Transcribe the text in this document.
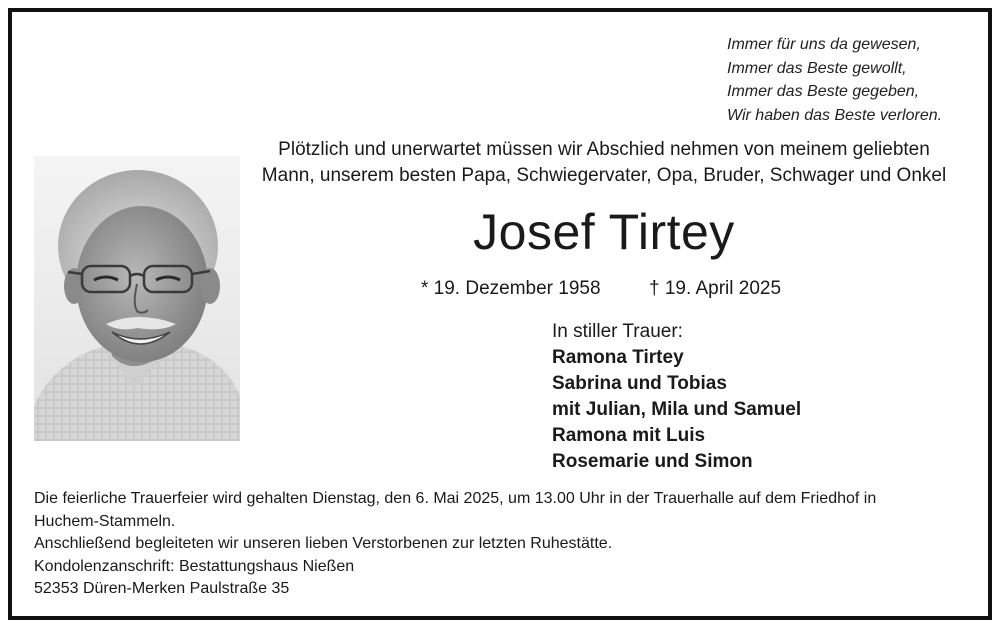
Immer für uns da gewesen,
Immer das Beste gewollt,
Immer das Beste gegeben,
Wir haben das Beste verloren.
Plötzlich und unerwartet müssen wir Abschied nehmen von meinem geliebten
Mann, unserem besten Papa, Schwiegervater, Opa, Bruder, Schwager und Onkel
Josef Tirtey
* 19. Dezember 1958	† 19. April 2025
In stiller Trauer:
Ramona Tirtey
Sabrina und Tobias
mit Julian, Mila und Samuel
Ramona mit Luis
Rosemarie und Simon
Die feierliche Trauerfeier wird gehalten Dienstag, den 6. Mai 2025, um 13.00 Uhr in der Trauerhalle auf dem Friedhof in
Huchem-Stammeln.
Anschließend begleiteten wir unseren lieben Verstorbenen zur letzten Ruhestätte.
Kondolenzanschrift: Bestattungshaus Nießen
52353 Düren-Merken Paulstraße 35
